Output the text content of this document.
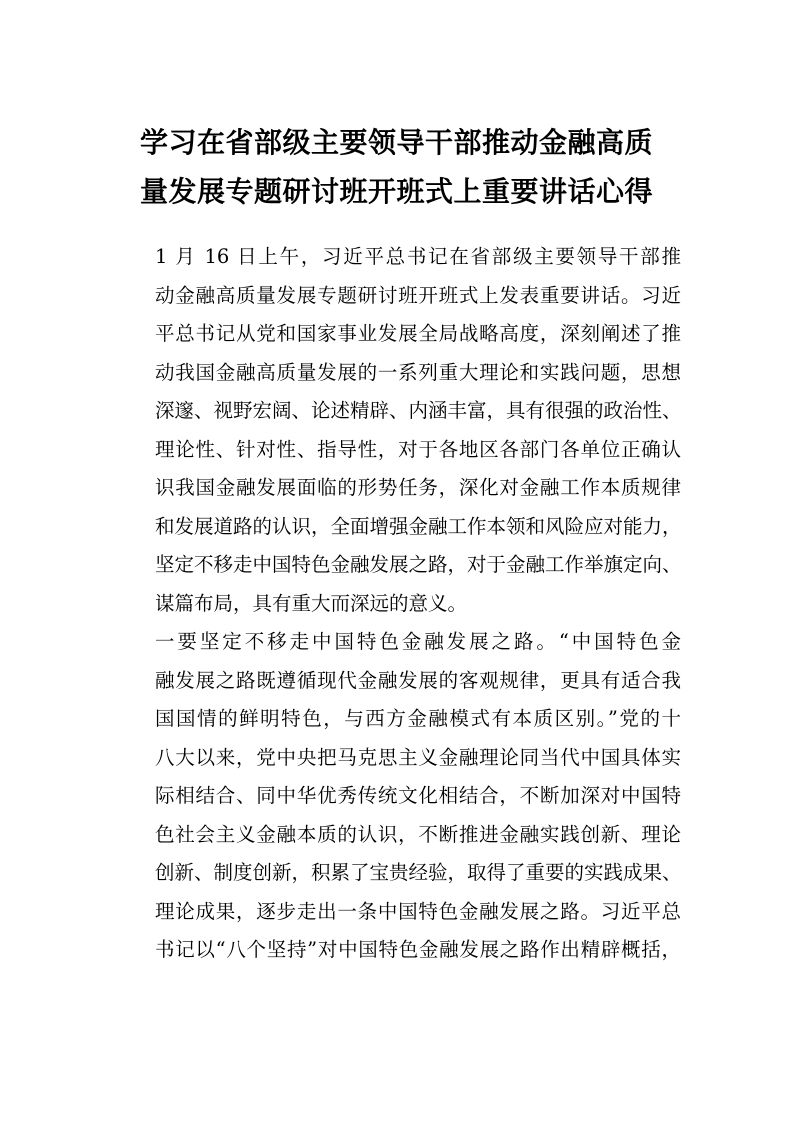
学习在省部级主要领导干部推动金融高质
量发展专题研讨班开班式上重要讲话心得
1 月 16 日上午，习近平总书记在省部级主要领导干部推
动金融高质量发展专题研讨班开班式上发表重要讲话。习近
平总书记从党和国家事业发展全局战略高度，深刻阐述了推
动我国金融高质量发展的一系列重大理论和实践问题，思想
深邃、视野宏阔、论述精辟、内涵丰富，具有很强的政治性、
理论性、针对性、指导性，对于各地区各部门各单位正确认
识我国金融发展面临的形势任务，深化对金融工作本质规律
和发展道路的认识，全面增强金融工作本领和风险应对能力，
坚定不移走中国特色金融发展之路，对于金融工作举旗定向、
谋篇布局，具有重大而深远的意义。
一要坚定不移走中国特色金融发展之路。“中国特色金
融发展之路既遵循现代金融发展的客观规律，更具有适合我
国国情的鲜明特色，与西方金融模式有本质区别。”党的十
八大以来，党中央把马克思主义金融理论同当代中国具体实
际相结合、同中华优秀传统文化相结合，不断加深对中国特
色社会主义金融本质的认识，不断推进金融实践创新、理论
创新、制度创新，积累了宝贵经验，取得了重要的实践成果、
理论成果，逐步走出一条中国特色金融发展之路。习近平总
书记以“八个坚持”对中国特色金融发展之路作出精辟概括，
